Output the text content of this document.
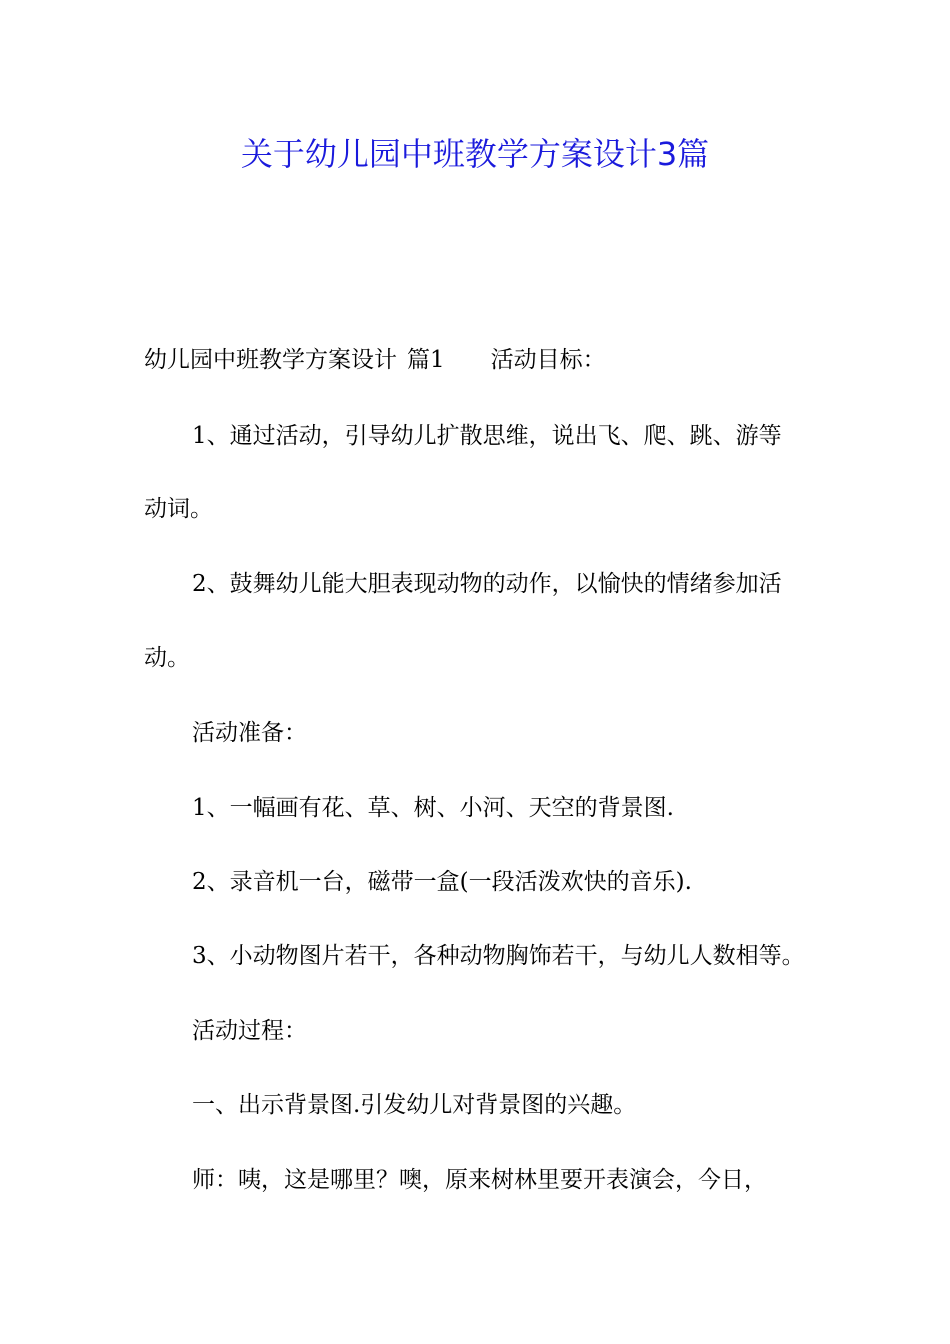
关于幼儿园中班教学方案设计3篇
幼儿园中班教学方案设计 篇1 活动目标：
1、通过活动，引导幼儿扩散思维，说出飞、爬、跳、游等
动词。
2、鼓舞幼儿能大胆表现动物的动作，以愉快的情绪参加活
动。
活动准备：
1、一幅画有花、草、树、小河、天空的背景图.
2、录音机一台，磁带一盒(一段活泼欢快的音乐).
3、小动物图片若干，各种动物胸饰若干，与幼儿人数相等。
活动过程：
一、出示背景图.引发幼儿对背景图的兴趣。
师：咦，这是哪里？噢，原来树林里要开表演会，今日，
